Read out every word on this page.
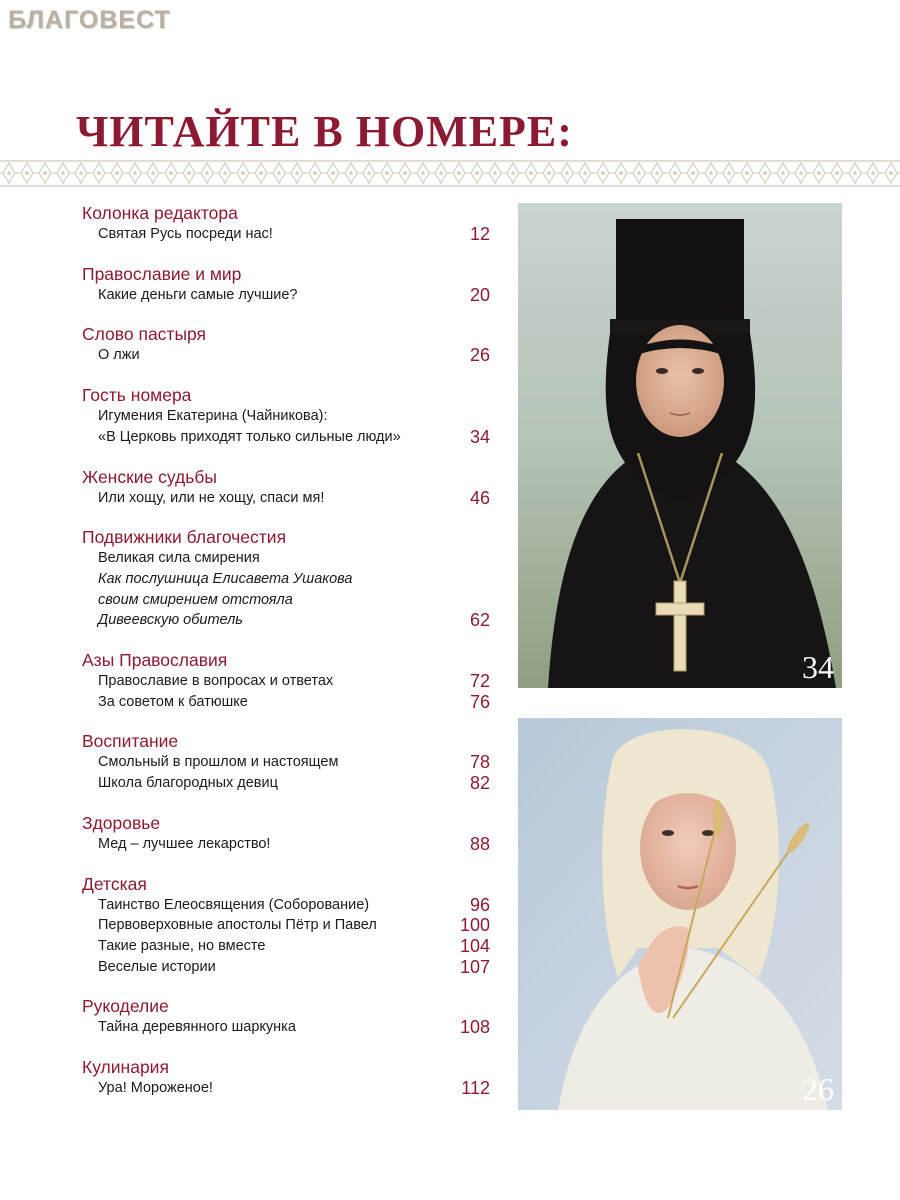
БЛАГОВЕСТ
ЧИТАЙТЕ В НОМЕРЕ:
Колонка редактора
Святая Русь посреди нас!	12
Православие и мир
Какие деньги самые лучшие?	20
Слово пастыря
О лжи	26
Гость номера
Игумения Екатерина (Чайникова):
«В Церковь приходят только сильные люди»	34
Женские судьбы
Или хощу, или не хощу, спаси мя!	46
Подвижники благочестия
Великая сила смирения
Как послушница Елисавета Ушакова
своим смирением отстояла
Дивеевскую обитель	62
Азы Православия
Православие в вопросах и ответах	72
За советом к батюшке	76
Воспитание
Смольный в прошлом и настоящем	78
Школа благородных девиц	82
Здоровье
Мед – лучшее лекарство!	88
Детская
Таинство Елеосвящения (Соборование)	96
Первоверховные апостолы Пётр и Павел	100
Такие разные, но вместе	104
Веселые истории	107
Рукоделие
Тайна деревянного шаркунка	108
Кулинария
Ура! Мороженое!	112
34
26
